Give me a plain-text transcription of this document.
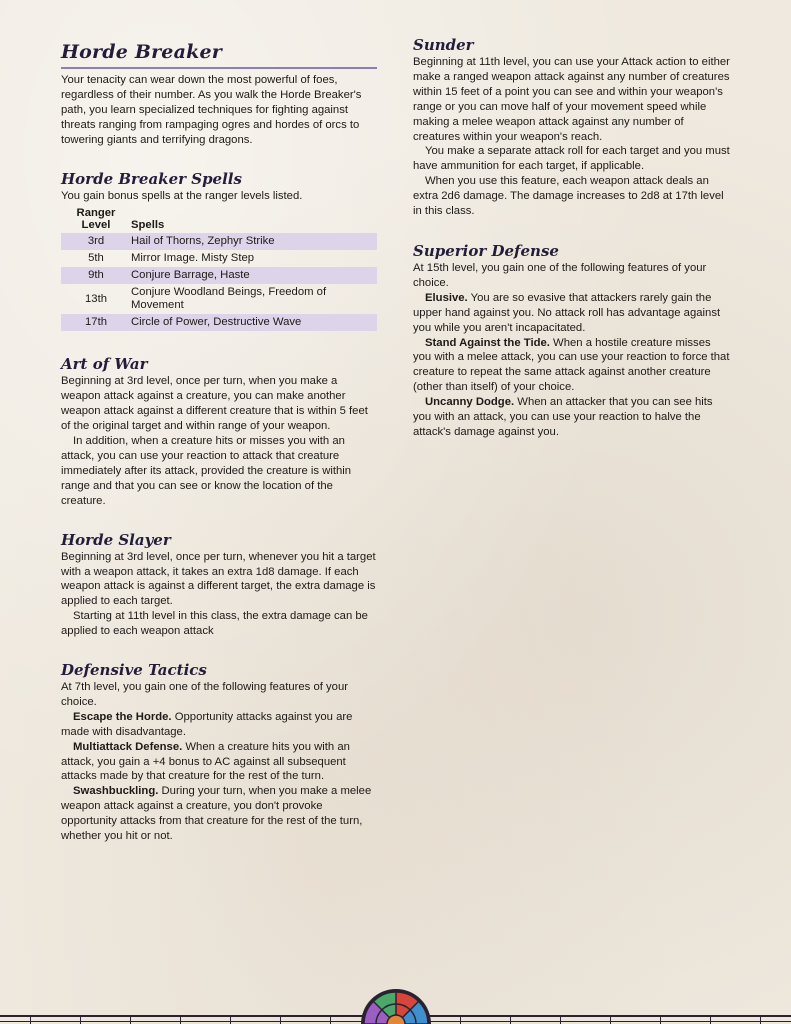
Horde Breaker

Your tenacity can wear down the most powerful of foes, regardless of their number. As you walk the Horde Breaker's path, you learn specialized techniques for fighting against threats ranging from rampaging ogres and hordes of orcs to towering giants and terrifying dragons.

Horde Breaker Spells

You gain bonus spells at the ranger levels listed.

Ranger
Level	Spells
3rd	Hail of Thorns, Zephyr Strike
5th	Mirror Image. Misty Step
9th	Conjure Barrage, Haste
13th	Conjure Woodland Beings, Freedom of Movement
17th	Circle of Power, Destructive Wave
Art of War

Beginning at 3rd level, once per turn, when you make a weapon attack against a creature, you can make another weapon attack against a different creature that is within 5 feet of the original target and within range of your weapon.

In addition, when a creature hits or misses you with an attack, you can use your reaction to attack that creature immediately after its attack, provided the creature is within range and that you can see or know the location of the creature.

Horde Slayer

Beginning at 3rd level, once per turn, whenever you hit a target with a weapon attack, it takes an extra 1d8 damage. If each weapon attack is against a different target, the extra damage is applied to each target.

Starting at 11th level in this class, the extra damage can be applied to each weapon attack

Defensive Tactics

At 7th level, you gain one of the following features of your choice.

Escape the Horde. Opportunity attacks against you are made with disadvantage.

Multiattack Defense. When a creature hits you with an attack, you gain a +4 bonus to AC against all subsequent attacks made by that creature for the rest of the turn.

Swashbuckling. During your turn, when you make a melee weapon attack against a creature, you don't provoke opportunity attacks from that creature for the rest of the turn, whether you hit or not.

Sunder

Beginning at 11th level, you can use your Attack action to either make a ranged weapon attack against any number of creatures within 15 feet of a point you can see and within your weapon's range or you can move half of your movement speed while making a melee weapon attack against any number of creatures within your weapon's reach.

You make a separate attack roll for each target and you must have ammunition for each target, if applicable.

When you use this feature, each weapon attack deals an extra 2d6 damage. The damage increases to 2d8 at 17th level in this class.

Superior Defense

At 15th level, you gain one of the following features of your choice.

Elusive. You are so evasive that attackers rarely gain the upper hand against you. No attack roll has advantage against you while you aren't incapacitated.

Stand Against the Tide. When a hostile creature misses you with a melee attack, you can use your reaction to force that creature to repeat the same attack against another creature (other than itself) of your choice.

Uncanny Dodge. When an attacker that you can see hits you with an attack, you can use your reaction to halve the attack's damage against you.
